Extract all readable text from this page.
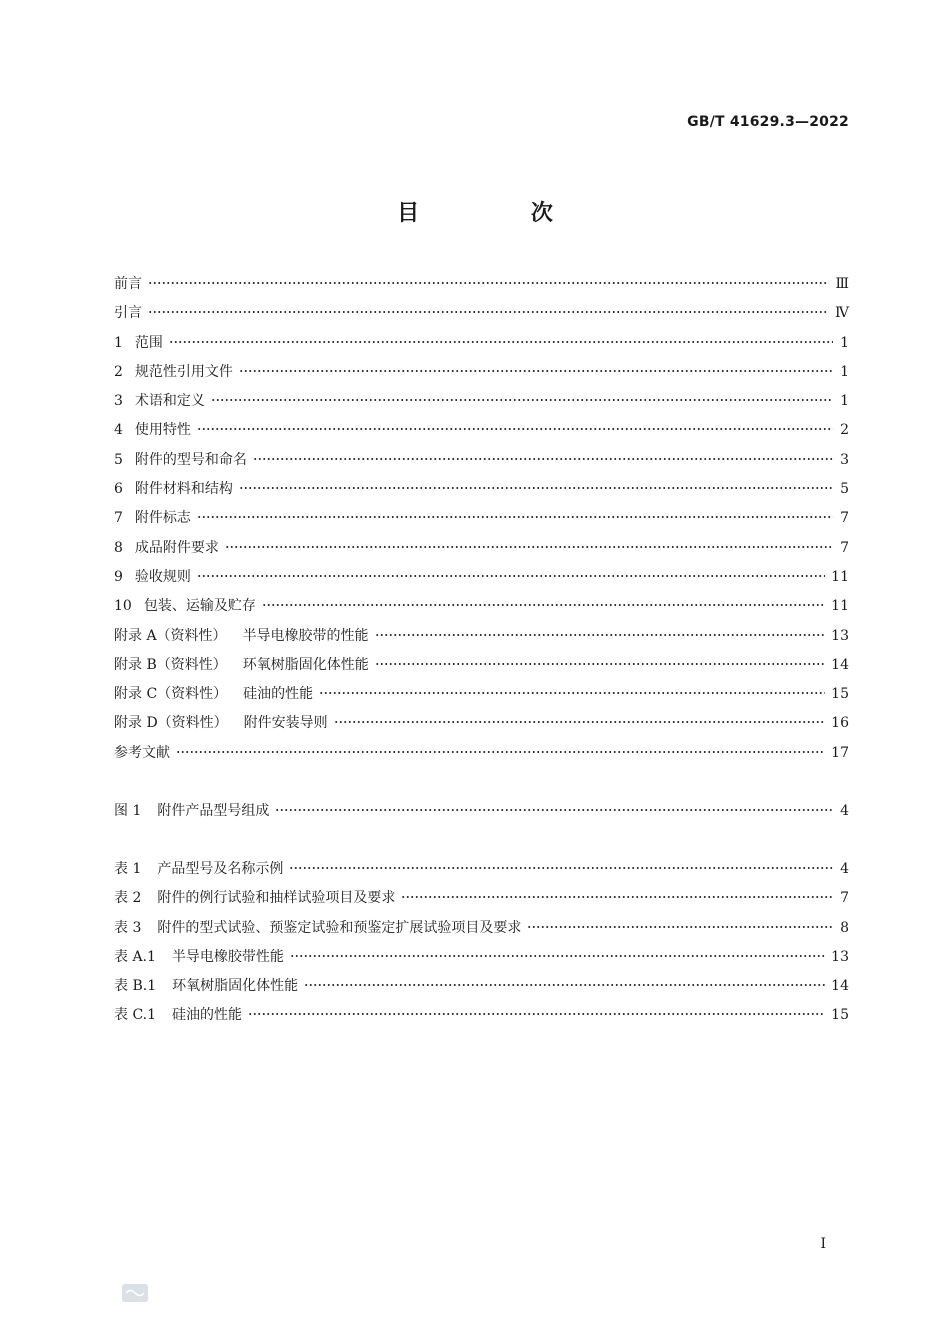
GB/T 41629.3—2022
目 次
前言	Ⅲ
引言	Ⅳ
1 范围	1
2 规范性引用文件	1
3 术语和定义	1
4 使用特性	2
5 附件的型号和命名	3
6 附件材料和结构	5
7 附件标志	7
8 成品附件要求	7
9 验收规则	11
10 包装、运输及贮存	11
附录 A（资料性） 半导电橡胶带的性能	13
附录 B（资料性） 环氧树脂固化体性能	14
附录 C（资料性） 硅油的性能	15
附录 D（资料性） 附件安装导则	16
参考文献	17
图 1 附件产品型号组成	4
表 1 产品型号及名称示例	4
表 2 附件的例行试验和抽样试验项目及要求	7
表 3 附件的型式试验、预鉴定试验和预鉴定扩展试验项目及要求	8
表 A.1 半导电橡胶带性能	13
表 B.1 环氧树脂固化体性能	14
表 C.1 硅油的性能	15
I
